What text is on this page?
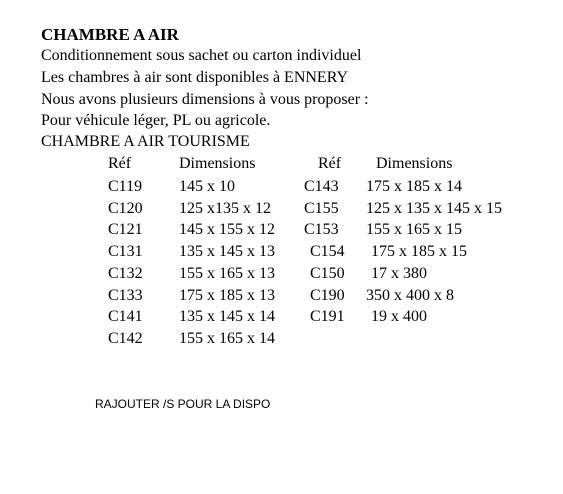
CHAMBRE A AIR
Conditionnement sous sachet ou carton individuel
Les chambres à air sont disponibles à ENNERY
Nous avons plusieurs dimensions à vous proposer :
Pour véhicule léger, PL ou agricole.
CHAMBRE A AIR TOURISME
Réf	Dimensions	Réf Dimensions
C119 145 x 10	C143 175 x 185 x 14
C120 125 x135 x 12 C155 125 x 135 x 145 x 15
C121 145 x 155 x 12 C153 155 x 165 x 15
C131 135 x 145 x 13 C154 175 x 185 x 15
C132 155 x 165 x 13 C150 17 x 380
C133 175 x 185 x 13 C190 350 x 400 x 8
C141 135 x 145 x 14 C191 19 x 400
C142 155 x 165 x 14
RAJOUTER /S POUR LA DISPO
